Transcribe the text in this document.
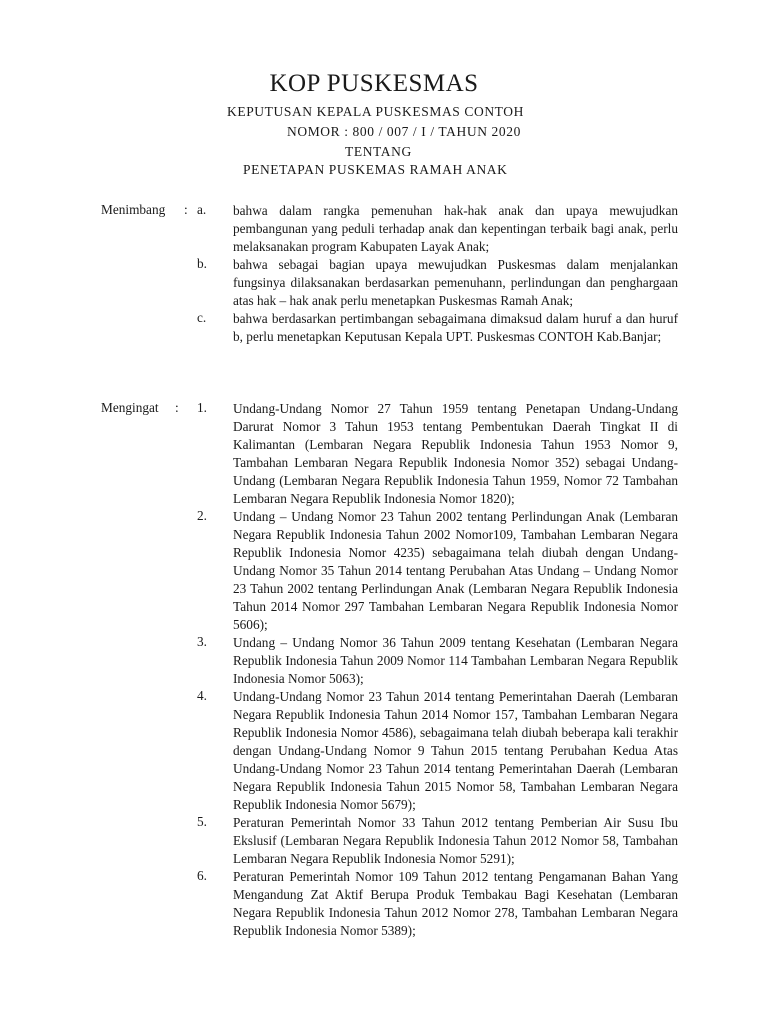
KOP PUSKESMAS

KEPUTUSAN KEPALA PUSKESMAS CONTOH

NOMOR : 800 / 007 / I / TAHUN 2020

TENTANG

PENETAPAN PUSKEMAS RAMAH ANAK

Menimbang : a. bahwa dalam rangka pemenuhan hak-hak anak dan upaya mewujudkan pembangunan yang peduli terhadap anak dan kepentingan terbaik bagi anak, perlu melaksanakan program Kabupaten Layak Anak;
b. bahwa sebagai bagian upaya mewujudkan Puskesmas dalam menjalankan fungsinya dilaksanakan berdasarkan pemenuhann, perlindungan dan penghargaan atas hak – hak anak perlu menetapkan Puskesmas Ramah Anak;
c. bahwa berdasarkan pertimbangan sebagaimana dimaksud dalam huruf a dan huruf b, perlu menetapkan Keputusan Kepala UPT. Puskesmas CONTOH Kab.Banjar;
Mengingat : 1. Undang-Undang Nomor 27 Tahun 1959 tentang Penetapan Undang-Undang Darurat Nomor 3 Tahun 1953 tentang Pembentukan Daerah Tingkat II di Kalimantan (Lembaran Negara Republik Indonesia Tahun 1953 Nomor 9, Tambahan Lembaran Negara Republik Indonesia Nomor 352) sebagai Undang-Undang (Lembaran Negara Republik Indonesia Tahun 1959, Nomor 72 Tambahan Lembaran Negara Republik Indonesia Nomor 1820);
2. Undang – Undang Nomor 23 Tahun 2002 tentang Perlindungan Anak (Lembaran Negara Republik Indonesia Tahun 2002 Nomor109, Tambahan Lembaran Negara Republik Indonesia Nomor 4235) sebagaimana telah diubah dengan Undang-Undang Nomor 35 Tahun 2014 tentang Perubahan Atas Undang – Undang Nomor 23 Tahun 2002 tentang Perlindungan Anak (Lembaran Negara Republik Indonesia Tahun 2014 Nomor 297 Tambahan Lembaran Negara Republik Indonesia Nomor 5606);
3. Undang – Undang Nomor 36 Tahun 2009 tentang Kesehatan (Lembaran Negara Republik Indonesia Tahun 2009 Nomor 114 Tambahan Lembaran Negara Republik Indonesia Nomor 5063);
4. Undang-Undang Nomor 23 Tahun 2014 tentang Pemerintahan Daerah (Lembaran Negara Republik Indonesia Tahun 2014 Nomor 157, Tambahan Lembaran Negara Republik Indonesia Nomor 4586), sebagaimana telah diubah beberapa kali terakhir dengan Undang-Undang Nomor 9 Tahun 2015 tentang Perubahan Kedua Atas Undang-Undang Nomor 23 Tahun 2014 tentang Pemerintahan Daerah (Lembaran Negara Republik Indonesia Tahun 2015 Nomor 58, Tambahan Lembaran Negara Republik Indonesia Nomor 5679);
5. Peraturan Pemerintah Nomor 33 Tahun 2012 tentang Pemberian Air Susu Ibu Ekslusif (Lembaran Negara Republik Indonesia Tahun 2012 Nomor 58, Tambahan Lembaran Negara Republik Indonesia Nomor 5291);
6. Peraturan Pemerintah Nomor 109 Tahun 2012 tentang Pengamanan Bahan Yang Mengandung Zat Aktif Berupa Produk Tembakau Bagi Kesehatan (Lembaran Negara Republik Indonesia Tahun 2012 Nomor 278, Tambahan Lembaran Negara Republik Indonesia Nomor 5389);
